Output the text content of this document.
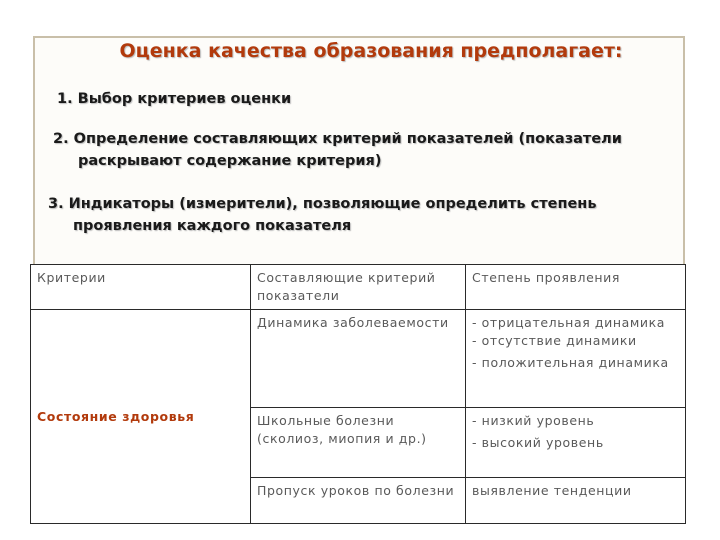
Оценка качества образования предполагает:
1. Выбор критериев оценки
2. Определение составляющих критерий показателей (показатели
раскрывают содержание критерия)
3. Индикаторы (измерители), позволяющие определить степень
проявления каждого показателя
Критерии	Составляющие критерий показатели	Степень проявления
Состояние здоровья	Динамика заболеваемости	- отрицательная динамика
- отсутствие динамики
- положительная динамика

	Школьные болезни (сколиоз, миопия и др.)	- низкий уровень
- высокий уровень

	Пропуск уроков по болезни	выявление тенденции
